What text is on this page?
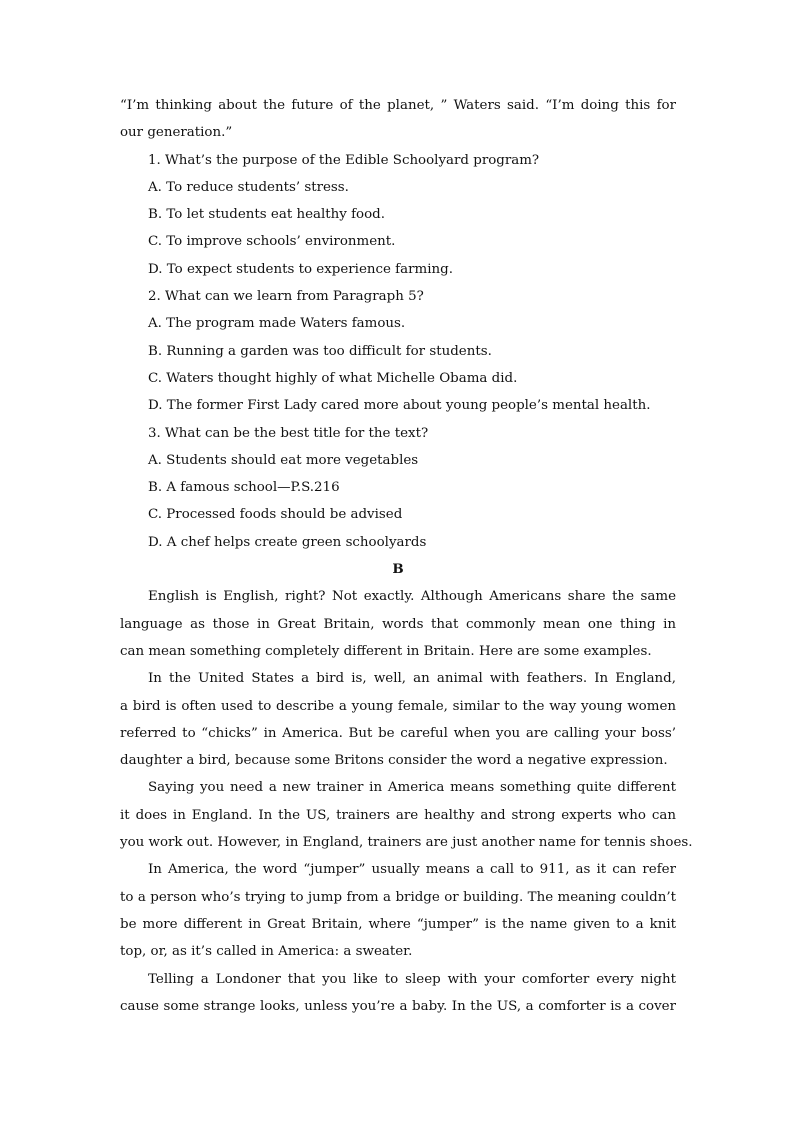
“I’m thinking about the future of the planet, ” Waters said. “I’m doing this for

our generation.”

1. What’s the purpose of the Edible Schoolyard program?

A. To reduce students’ stress.

B. To let students eat healthy food.

C. To improve schools’ environment.

D. To expect students to experience farming.

2. What can we learn from Paragraph 5?

A. The program made Waters famous.

B. Running a garden was too difficult for students.

C. Waters thought highly of what Michelle Obama did.

D. The former First Lady cared more about young people’s mental health.

3. What can be the best title for the text?

A. Students should eat more vegetables

B. A famous school—P.S.216

C. Processed foods should be advised

D. A chef helps create green schoolyards

B

English is English, right? Not exactly. Although Americans share the same

language as those in Great Britain, words that commonly mean one thing in

can mean something completely different in Britain. Here are some examples.

In the United States a bird is, well, an animal with feathers. In England,

a bird is often used to describe a young female, similar to the way young women

referred to “chicks” in America. But be careful when you are calling your boss’

daughter a bird, because some Britons consider the word a negative expression.

Saying you need a new trainer in America means something quite different

it does in England. In the US, trainers are healthy and strong experts who can

you work out. However, in England, trainers are just another name for tennis shoes.

In America, the word “jumper” usually means a call to 911, as it can refer

to a person who’s trying to jump from a bridge or building. The meaning couldn’t

be more different in Great Britain, where “jumper” is the name given to a knit

top, or, as it’s called in America: a sweater.

Telling a Londoner that you like to sleep with your comforter every night

cause some strange looks, unless you’re a baby. In the US, a comforter is a cover
